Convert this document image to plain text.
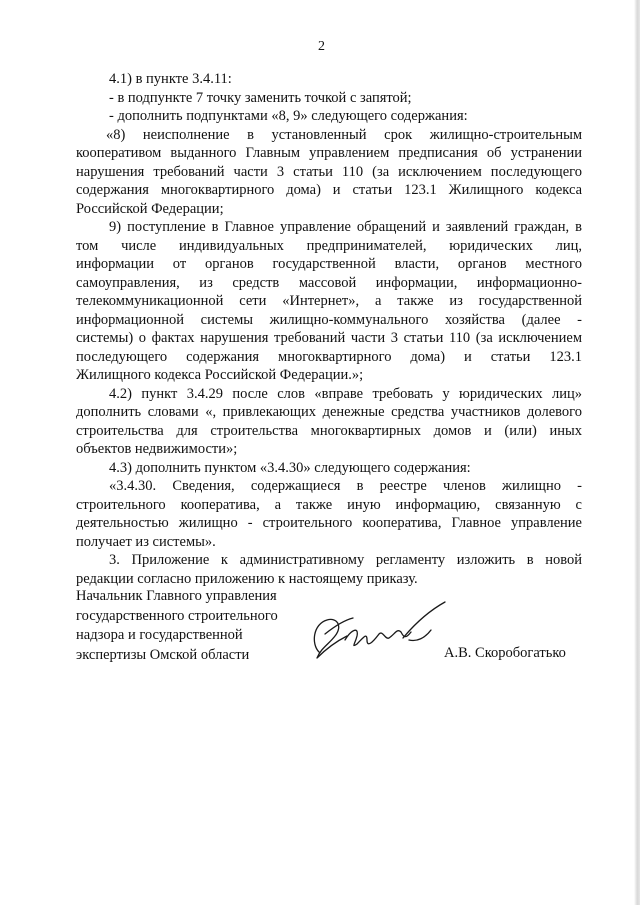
2
4.1) в пункте 3.4.11:
- в подпункте 7 точку заменить точкой с запятой;
- дополнить подпунктами «8, 9» следующего содержания:
«8) неисполнение в установленный срок жилищно-строительным
кооперативом выданного Главным управлением предписания об устранении
нарушения требований части 3 статьи 110 (за исключением последующего
содержания многоквартирного дома) и статьи 123.1 Жилищного кодекса
Российской Федерации;
9) поступление в Главное управление обращений и заявлений граждан, в
том числе индивидуальных предпринимателей, юридических лиц,
информации от органов государственной власти, органов местного
самоуправления, из средств массовой информации, информационно-
телекоммуникационной сети «Интернет», а также из государственной
информационной системы жилищно-коммунального хозяйства (далее -
системы) о фактах нарушения требований части 3 статьи 110 (за исключением
последующего содержания многоквартирного дома) и статьи 123.1
Жилищного кодекса Российской Федерации.»;
4.2) пункт 3.4.29 после слов «вправе требовать у юридических лиц»
дополнить словами «, привлекающих денежные средства участников долевого
строительства для строительства многоквартирных домов и (или) иных
объектов недвижимости»;
4.3) дополнить пунктом «3.4.30» следующего содержания:
«3.4.30. Сведения, содержащиеся в реестре членов жилищно -
строительного кооператива, а также иную информацию, связанную с
деятельностью жилищно - строительного кооператива, Главное управление
получает из системы».
3. Приложение к административному регламенту изложить в новой
редакции согласно приложению к настоящему приказу.
Начальник Главного управления
государственного строительного
надзора и государственной
экспертизы Омской области	А.В. Скоробогатько
